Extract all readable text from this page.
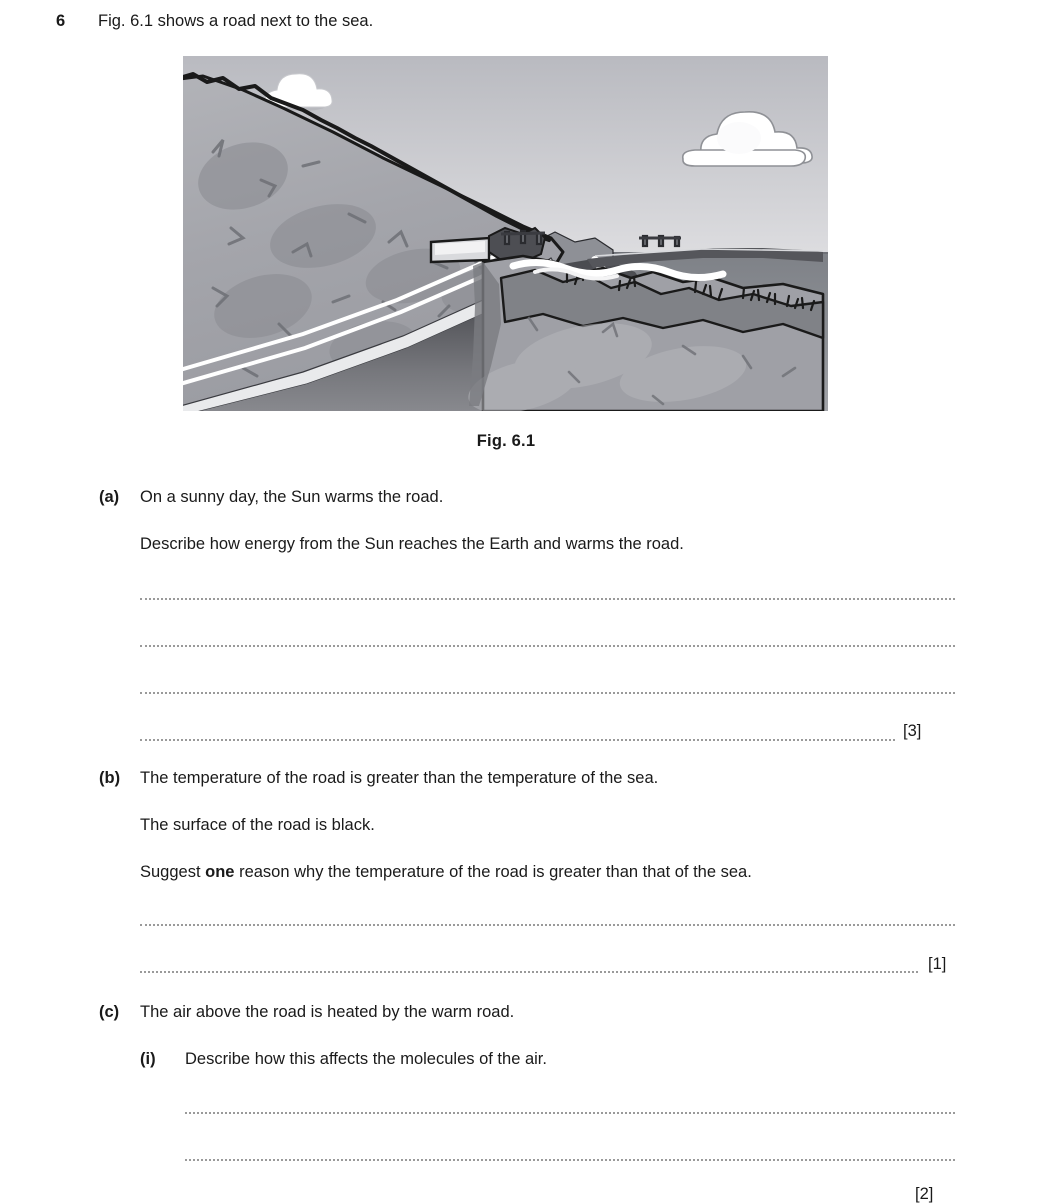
6	Fig. 6.1 shows a road next to the sea.
Fig. 6.1
(a)	On a sunny day, the Sun warms the road.
Describe how energy from the Sun reaches the Earth and warms the road.
[3]
(b)	The temperature of the road is greater than the temperature of the sea.
The surface of the road is black.
Suggest one reason why the temperature of the road is greater than that of the sea.
[1]
(c)	The air above the road is heated by the warm road.
(i)	Describe how this affects the molecules of the air.
[2]
